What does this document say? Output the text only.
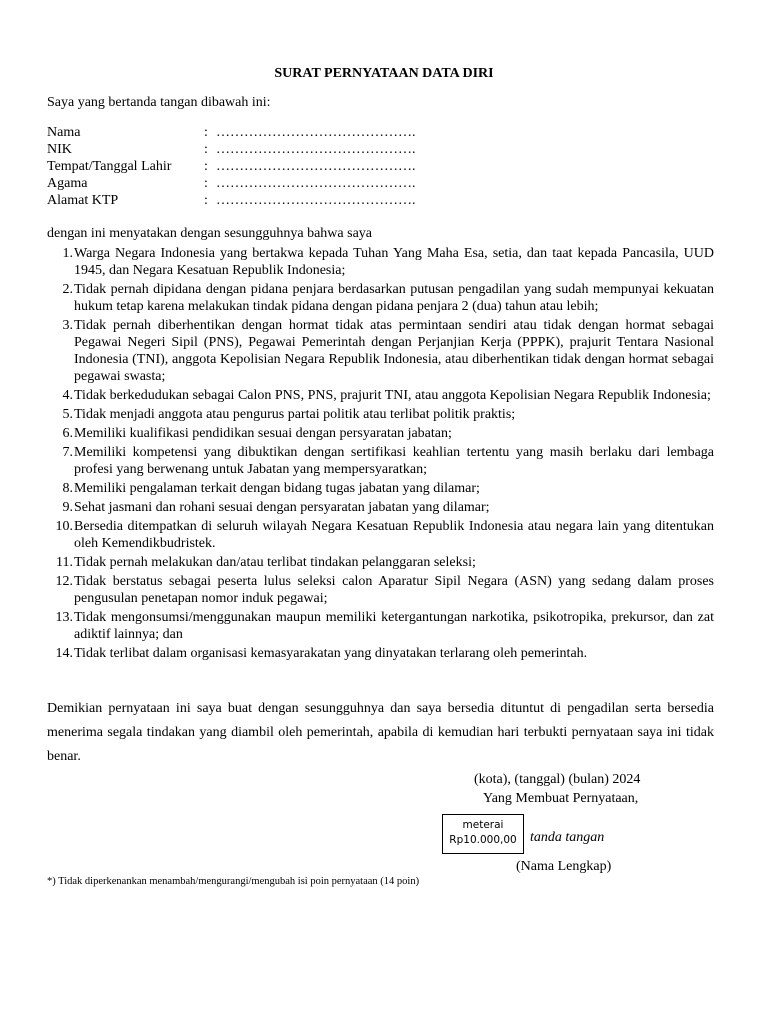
SURAT PERNYATAAN DATA DIRI
Saya yang bertanda tangan dibawah ini:
Nama	: …………………………………….
NIK	: …………………………………….
Tempat/Tanggal Lahir	: …………………………………….
Agama	: …………………………………….
Alamat KTP	: …………………………………….
dengan ini menyatakan dengan sesungguhnya bahwa saya
1. Warga Negara Indonesia yang bertakwa kepada Tuhan Yang Maha Esa, setia, dan taat kepada Pancasila, UUD 1945, dan Negara Kesatuan Republik Indonesia;
2. Tidak pernah dipidana dengan pidana penjara berdasarkan putusan pengadilan yang sudah mempunyai kekuatan hukum tetap karena melakukan tindak pidana dengan pidana penjara 2 (dua) tahun atau lebih;
3. Tidak pernah diberhentikan dengan hormat tidak atas permintaan sendiri atau tidak dengan hormat sebagai Pegawai Negeri Sipil (PNS), Pegawai Pemerintah dengan Perjanjian Kerja (PPPK), prajurit Tentara Nasional Indonesia (TNI), anggota Kepolisian Negara Republik Indonesia, atau diberhentikan tidak dengan hormat sebagai pegawai swasta;
4. Tidak berkedudukan sebagai Calon PNS, PNS, prajurit TNI, atau anggota Kepolisian Negara Republik Indonesia;
5. Tidak menjadi anggota atau pengurus partai politik atau terlibat politik praktis;
6. Memiliki kualifikasi pendidikan sesuai dengan persyaratan jabatan;
7. Memiliki kompetensi yang dibuktikan dengan sertifikasi keahlian tertentu yang masih berlaku dari lembaga profesi yang berwenang untuk Jabatan yang mempersyaratkan;
8. Memiliki pengalaman terkait dengan bidang tugas jabatan yang dilamar;
9. Sehat jasmani dan rohani sesuai dengan persyaratan jabatan yang dilamar;
10. Bersedia ditempatkan di seluruh wilayah Negara Kesatuan Republik Indonesia atau negara lain yang ditentukan oleh Kemendikbudristek.
11. Tidak pernah melakukan dan/atau terlibat tindakan pelanggaran seleksi;
12. Tidak berstatus sebagai peserta lulus seleksi calon Aparatur Sipil Negara (ASN) yang sedang dalam proses pengusulan penetapan nomor induk pegawai;
13. Tidak mengonsumsi/menggunakan maupun memiliki ketergantungan narkotika, psikotropika, prekursor, dan zat adiktif lainnya; dan
14. Tidak terlibat dalam organisasi kemasyarakatan yang dinyatakan terlarang oleh pemerintah.
Demikian pernyataan ini saya buat dengan sesungguhnya dan saya bersedia dituntut di pengadilan serta bersedia menerima segala tindakan yang diambil oleh pemerintah, apabila di kemudian hari terbukti pernyataan saya ini tidak benar.
(kota), (tanggal) (bulan) 2024
Yang Membuat Pernyataan,
meterai
Rp10.000,00 tanda tangan
(Nama Lengkap)
*) Tidak diperkenankan menambah/mengurangi/mengubah isi poin pernyataan (14 poin)
